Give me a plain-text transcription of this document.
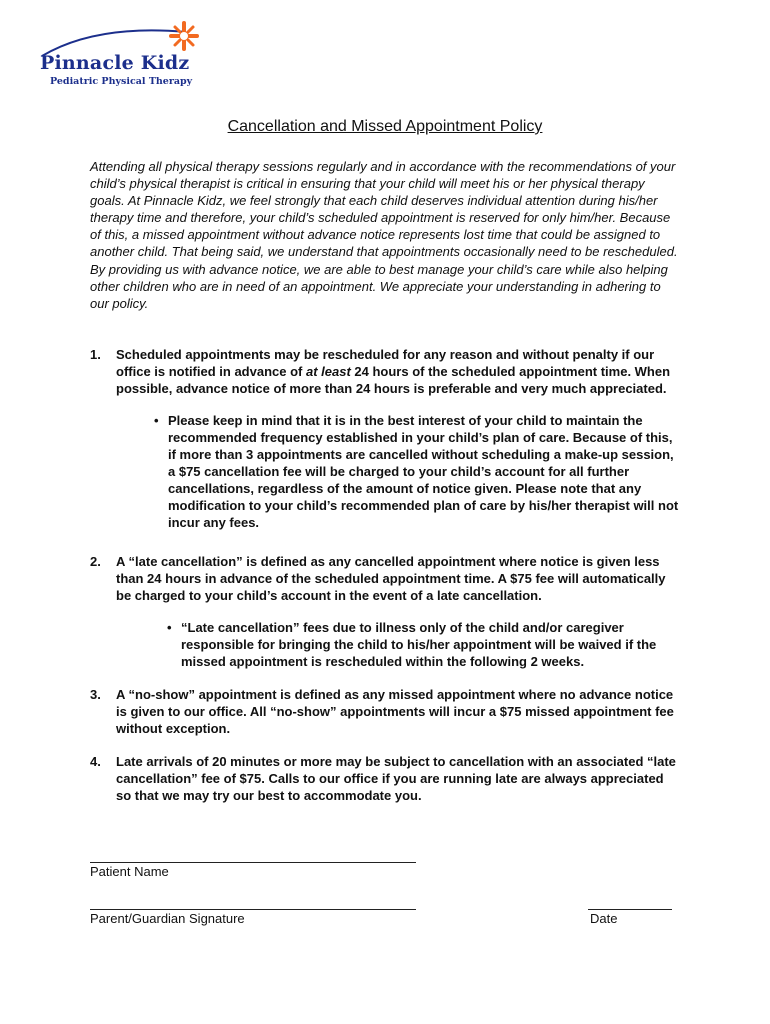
Pinnacle Kidz
Pediatric Physical Therapy
Cancellation and Missed Appointment Policy

Attending all physical therapy sessions regularly and in accordance with the recommendations of your child’s physical therapist is critical in ensuring that your child will meet his or her physical therapy goals. At Pinnacle Kidz, we feel strongly that each child deserves individual attention during his/her therapy time and therefore, your child’s scheduled appointment is reserved for only him/her. Because of this, a missed appointment without advance notice represents lost time that could be assigned to another child. That being said, we understand that appointments occasionally need to be rescheduled. By providing us with advance notice, we are able to best manage your child’s care while also helping other children who are in need of an appointment. We appreciate your understanding in adhering to our policy.

1. Scheduled appointments may be rescheduled for any reason and without penalty if our office is notified in advance of at least 24 hours of the scheduled appointment time. When possible, advance notice of more than 24 hours is preferable and very much appreciated.
• Please keep in mind that it is in the best interest of your child to maintain the recommended frequency established in your child’s plan of care. Because of this, if more than 3 appointments are cancelled without scheduling a make-up session, a $75 cancellation fee will be charged to your child’s account for all further cancellations, regardless of the amount of notice given. Please note that any modification to your child’s recommended plan of care by his/her therapist will not incur any fees.
2. A “late cancellation” is defined as any cancelled appointment where notice is given less than 24 hours in advance of the scheduled appointment time. A $75 fee will automatically be charged to your child’s account in the event of a late cancellation.
• “Late cancellation” fees due to illness only of the child and/or caregiver responsible for bringing the child to his/her appointment will be waived if the missed appointment is rescheduled within the following 2 weeks.
3. A “no-show” appointment is defined as any missed appointment where no advance notice is given to our office. All “no-show” appointments will incur a $75 missed appointment fee without exception.
4. Late arrivals of 20 minutes or more may be subject to cancellation with an associated “late cancellation” fee of $75. Calls to our office if you are running late are always appreciated so that we may try our best to accommodate you.
Patient Name
Parent/Guardian Signature	Date
